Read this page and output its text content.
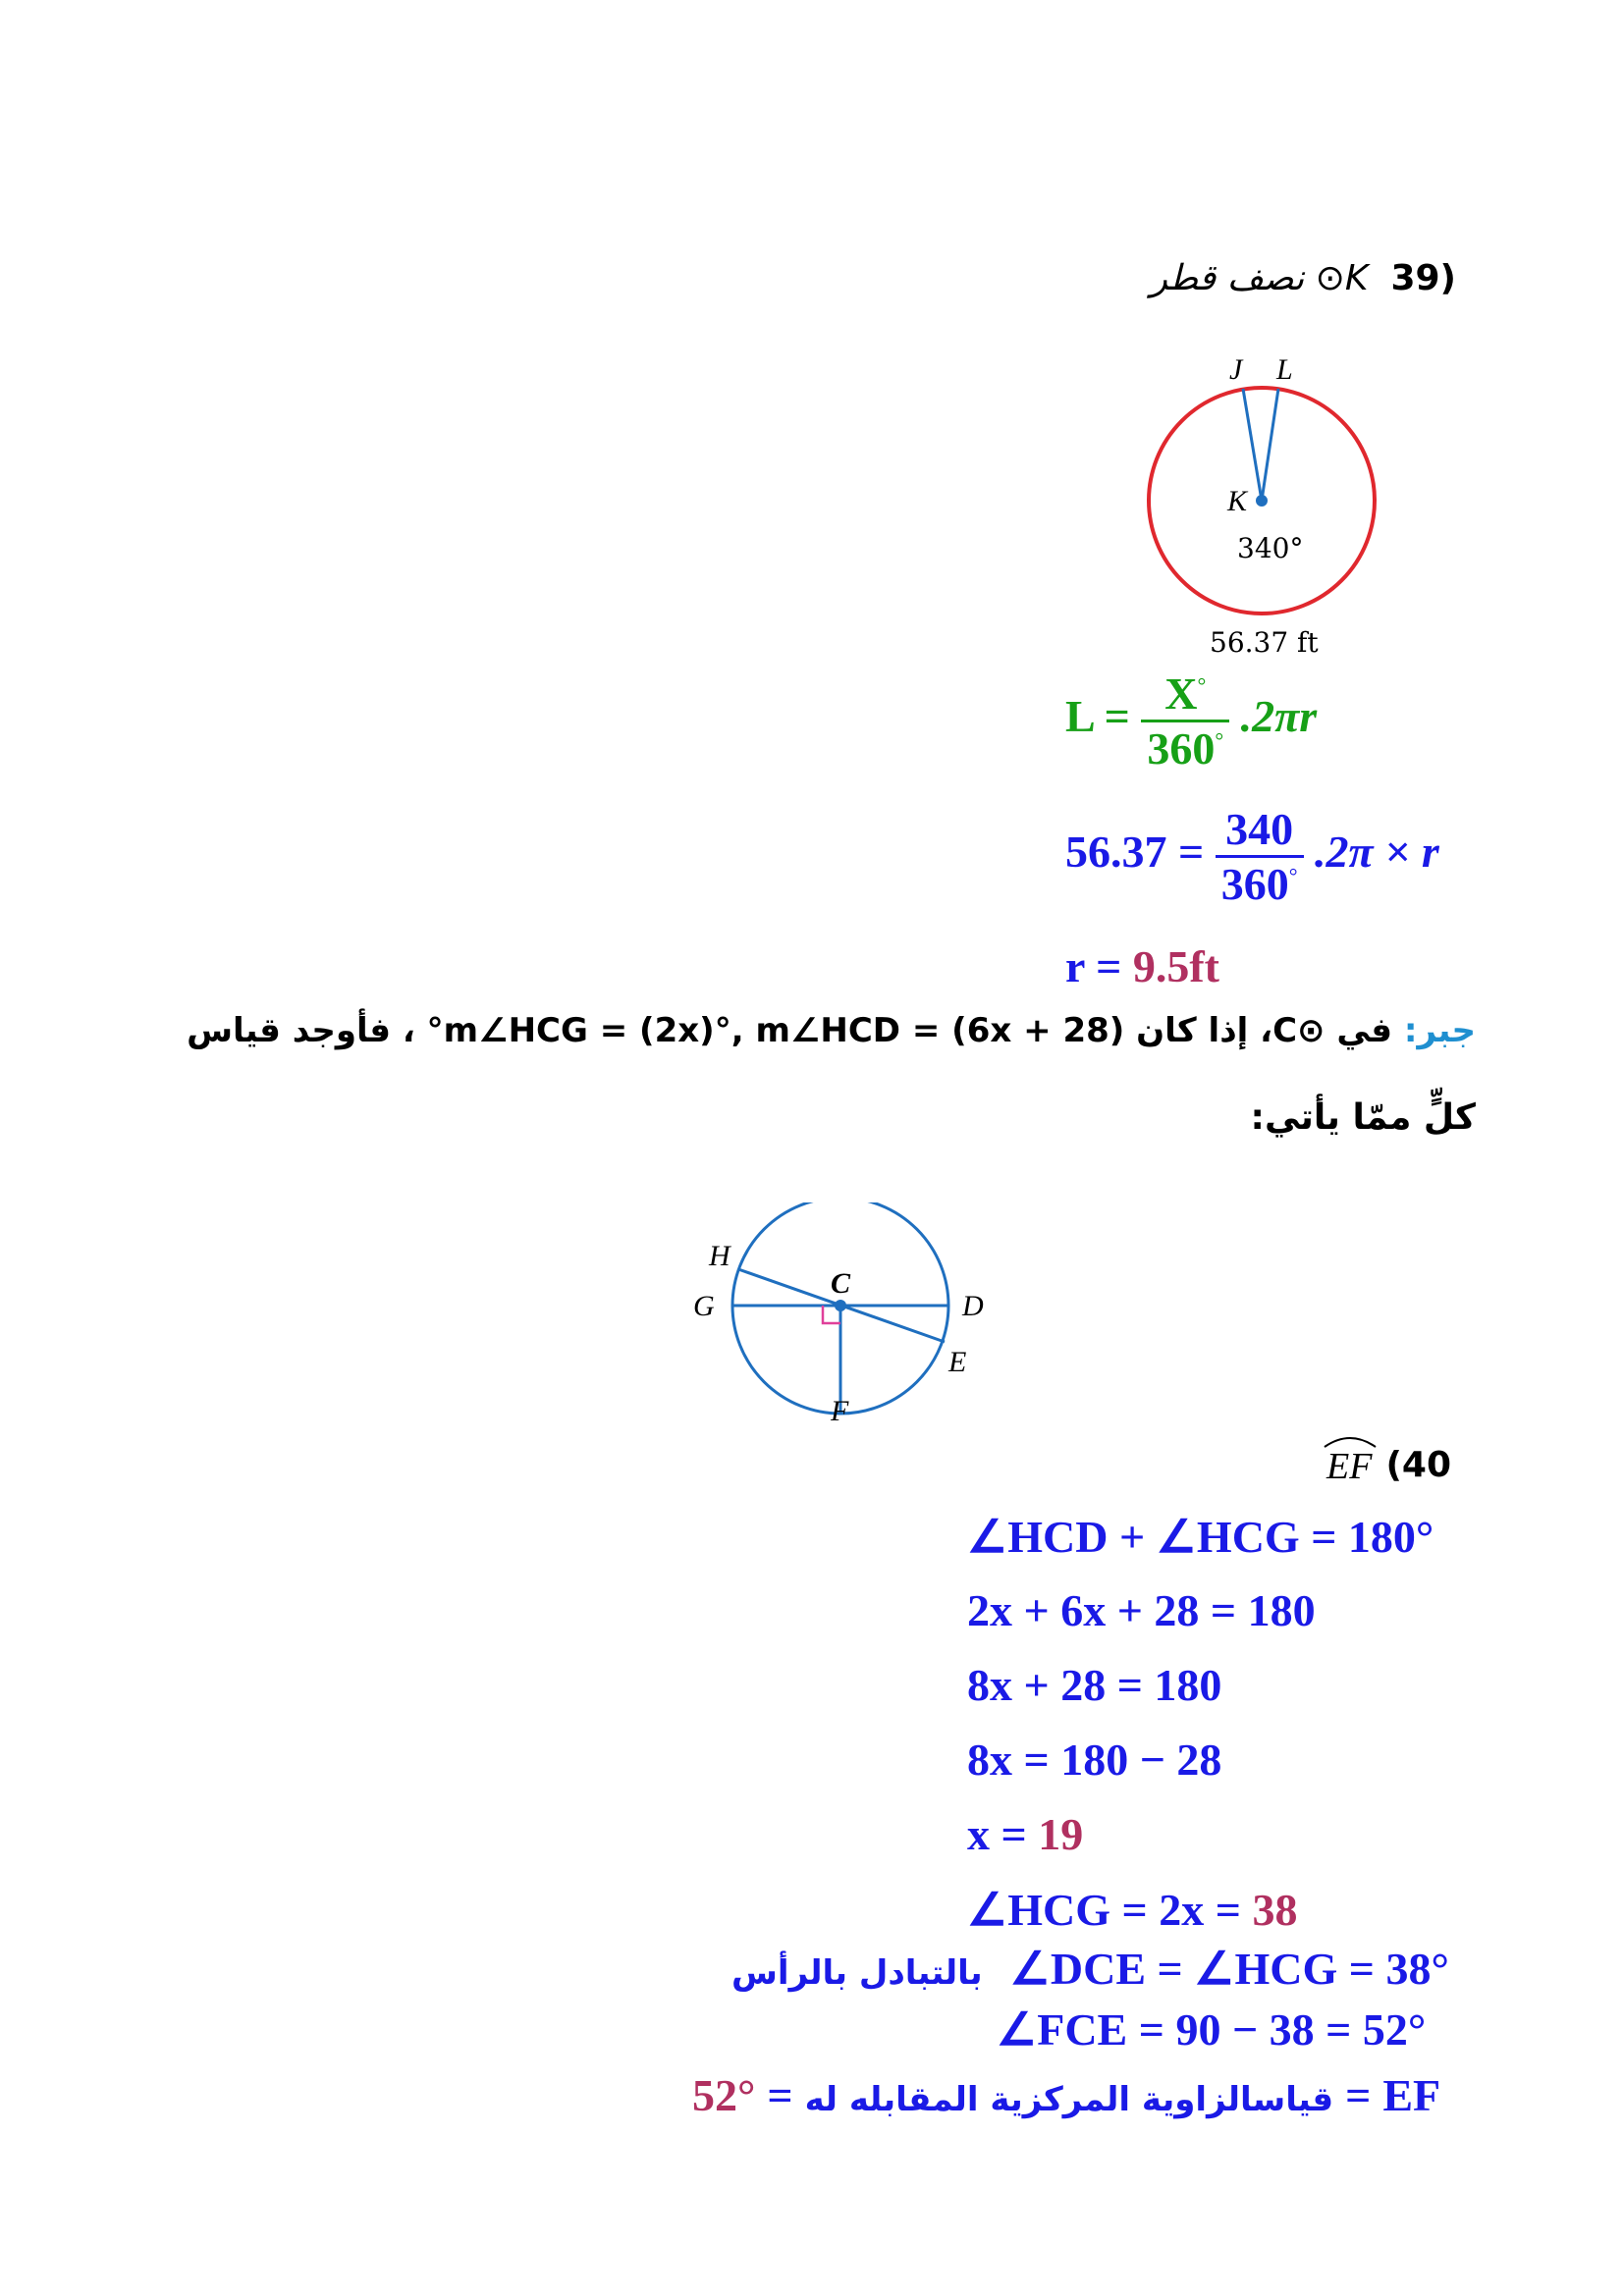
نصف قطر ⊙K 39)
J L
K
340°
56.37 ft
$L = \frac{X^\circ}{360^\circ} .2\pi r$
$56.37 = \frac{340}{360^\circ} .2\pi \times r$
r = 9.5ft
جبر: في ⊙C، إذا كان m∠HCG = (2x)°, m∠HCD = (6x + 28)° ، فأوجد قياس
كلٍّ ممّا يأتي:
H
C
G	D
E
F
(40
EF
∠HCD + ∠HCG = 180°
2x + 6x + 28 = 180
8x + 28 = 180
8x = 180 − 28
x = 19
∠HCG = 2x = 38
بالتبادل بالرأس ∠DCE = ∠HCG = 38°
∠FCE = 90 − 38 = 52°
52° = قياسالزاوية المركزية المقابله له = EF
